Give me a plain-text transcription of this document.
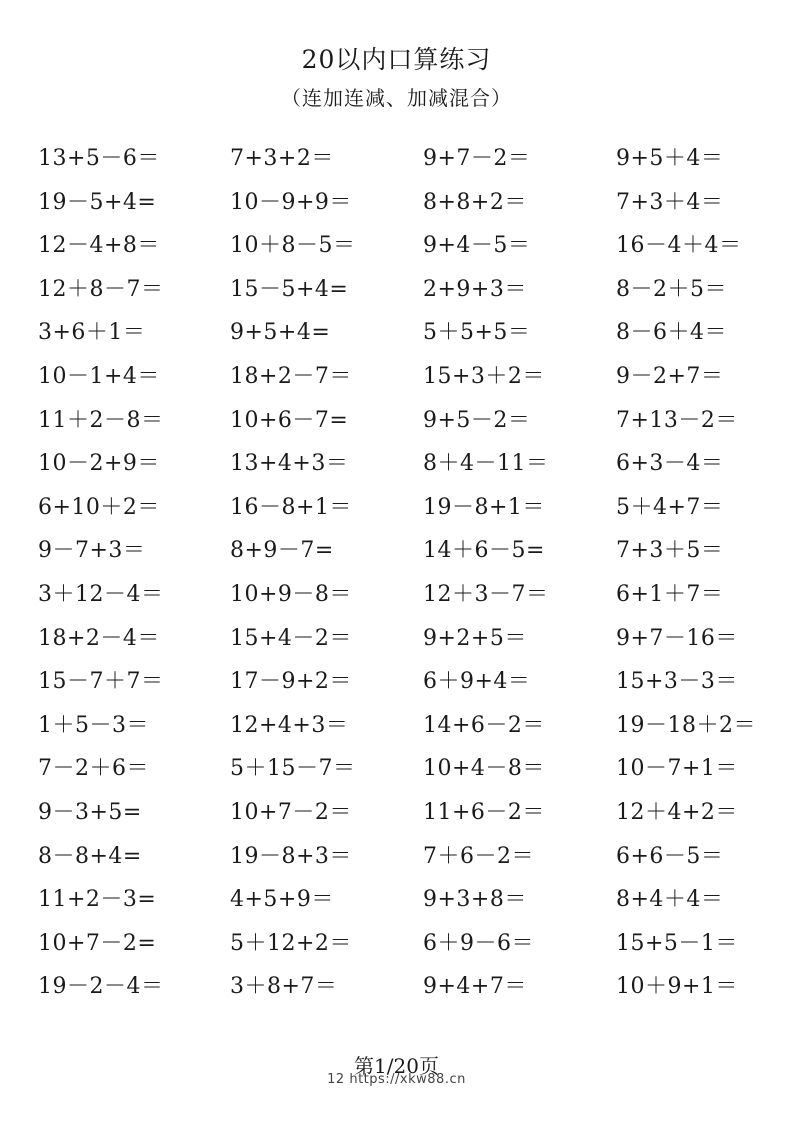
20以内口算练习
（连加连减、加减混合）
13+5－6＝	7+3+2＝	9+7－2＝	9+5＋4＝
19－5+4=	10－9+9＝	8+8+2＝	7+3＋4＝
12－4+8＝	10＋8－5＝	9+4－5＝	16－4＋4＝
12＋8－7＝	15－5+4=	2+9+3＝	8－2＋5＝
3+6＋1＝	9+5+4=	5＋5+5＝	8－6＋4＝
10－1+4＝	18+2－7＝	15+3＋2＝	9－2+7＝
11＋2－8＝	10+6－7=	9+5－2＝	7+13－2＝
10－2+9＝	13+4+3＝	8＋4－11＝	6+3－4＝
6+10＋2＝	16－8+1＝	19－8+1＝	5＋4+7＝
9－7+3＝	8+9－7=	14＋6－5=	7+3＋5＝
3＋12－4＝	10+9－8＝	12＋3－7＝	6+1＋7＝
18+2－4＝	15+4－2＝	9+2+5＝	9+7－16＝
15－7＋7＝	17－9+2＝	6＋9+4＝	15+3－3＝
1＋5－3＝	12+4+3＝	14+6－2＝	19－18＋2＝
7－2＋6＝	5＋15－7＝	10+4－8＝	10－7+1＝
9－3+5=	10+7－2＝	11+6－2＝	12＋4+2＝
8－8+4=	19－8+3＝	7＋6－2＝	6+6－5＝
11+2－3=	4+5+9＝	9+3+8＝	8+4＋4＝
10+7－2=	5＋12+2＝	6＋9－6＝	15+5－1＝
19－2－4＝	3＋8+7＝	9+4+7＝	10＋9+1＝
第1/20页
12 https://xkw88.cn
